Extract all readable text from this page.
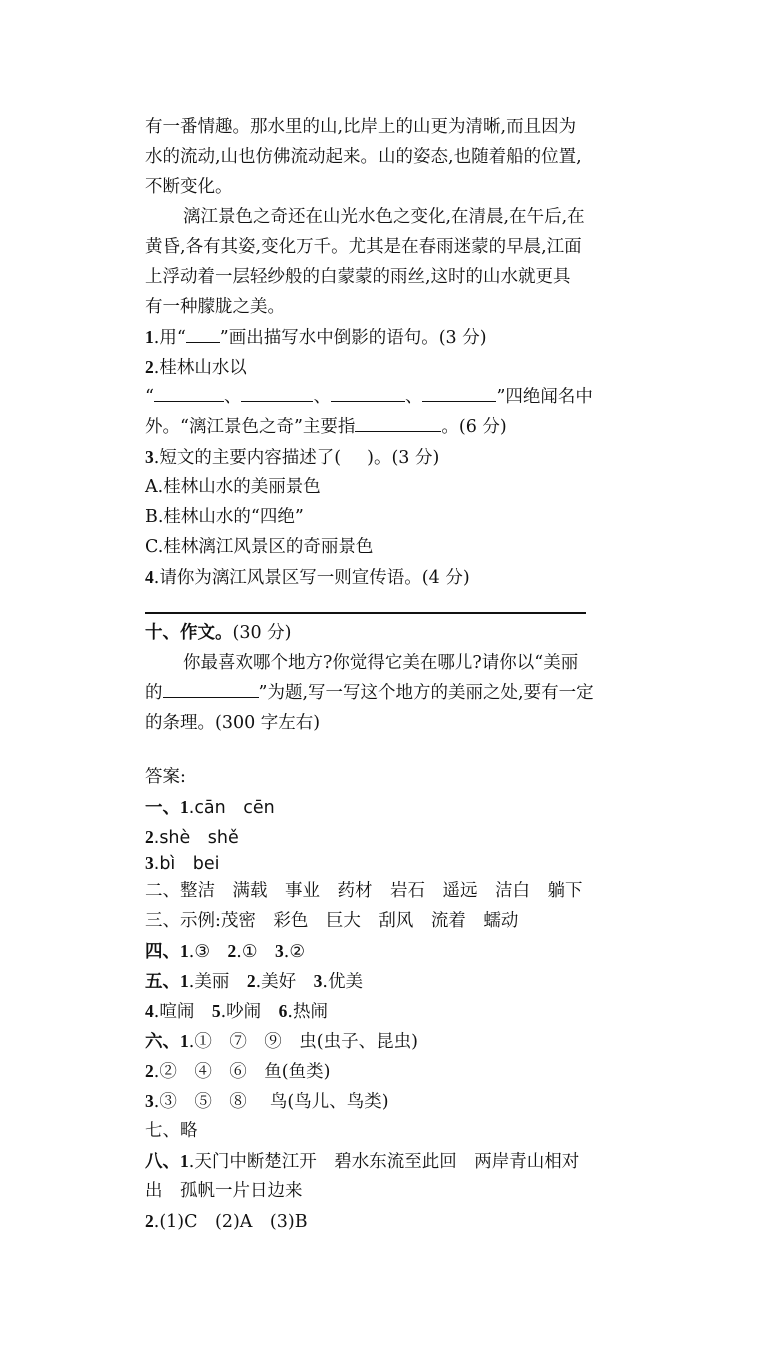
有一番情趣。那水里的山,比岸上的山更为清晰,而且因为
水的流动,山也仿佛流动起来。山的姿态,也随着船的位置,
不断变化。
漓江景色之奇还在山光水色之变化,在清晨,在午后,在
黄昏,各有其姿,变化万千。尤其是在春雨迷蒙的早晨,江面
上浮动着一层轻纱般的白蒙蒙的雨丝,这时的山水就更具
有一种朦胧之美。
1.用“ ”画出描写水中倒影的语句。(3 分)
2.桂林山水以
“	、	、	、	”四绝闻名中
外。“漓江景色之奇”主要指	。(6 分)
3.短文的主要内容描述了( )。(3 分)
A.桂林山水的美丽景色
B.桂林山水的“四绝”
C.桂林漓江风景区的奇丽景色
4.请你为漓江风景区写一则宣传语。(4 分)
十、作文。(30 分)
你最喜欢哪个地方?你觉得它美在哪儿?请你以“美丽
的	”为题,写一写这个地方的美丽之处,要有一定
的条理。(300 字左右)
答案:
一、1.cān　cēn
2.shè　shě
3.bì　bei
二、整洁　满载　事业　药材　岩石　遥远　洁白　躺下
三、示例:茂密　彩色　巨大　刮风　流着　蠕动
四、1.③　2.①　3.②
五、1.美丽　2.美好　3.优美
4.喧闹　5.吵闹　6.热闹
六、1.①　⑦　⑨　虫(虫子、昆虫)
2.②　④　⑥　鱼(鱼类)
3.③　⑤　⑧　 鸟(鸟儿、鸟类)
七、略
八、1.天门中断楚江开　碧水东流至此回　两岸青山相对
出　孤帆一片日边来
2.(1)C　(2)A　(3)B
